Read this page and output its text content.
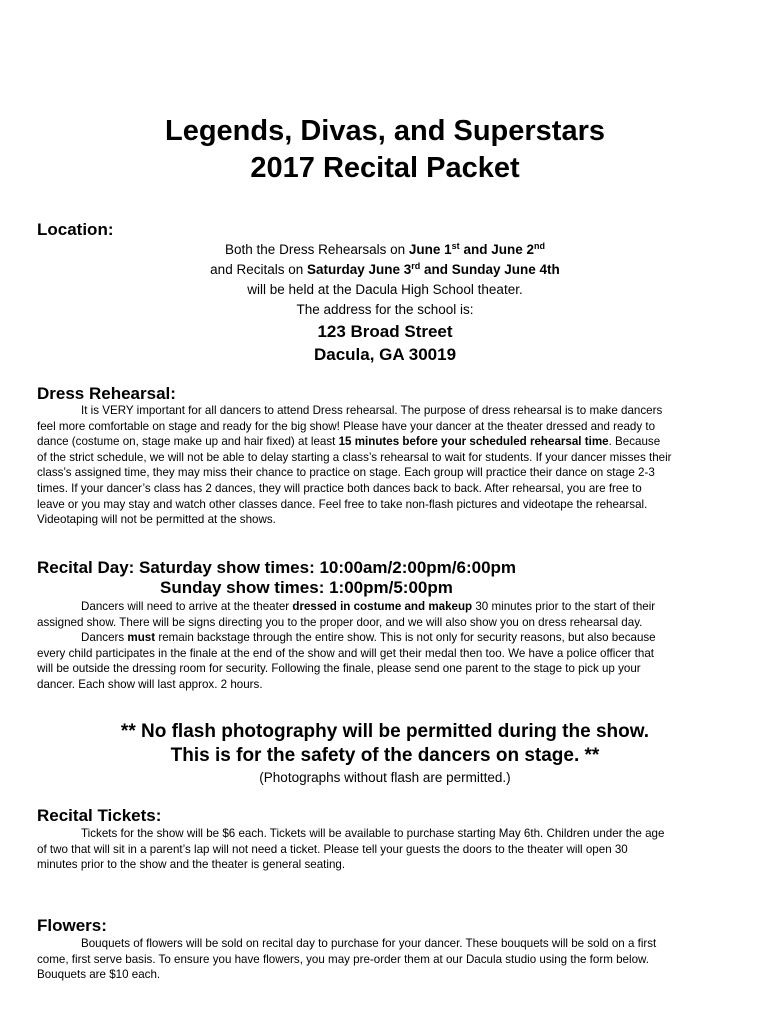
Legends, Divas, and Superstars
2017 Recital Packet
Location:
Both the Dress Rehearsals on June 1st and June 2nd
and Recitals on Saturday June 3rd and Sunday June 4th
will be held at the Dacula High School theater.
The address for the school is:
123 Broad Street
Dacula, GA 30019
Dress Rehearsal:
It is VERY important for all dancers to attend Dress rehearsal. The purpose of dress rehearsal is to make dancers
feel more comfortable on stage and ready for the big show! Please have your dancer at the theater dressed and ready to
dance (costume on, stage make up and hair fixed) at least 15 minutes before your scheduled rehearsal time. Because
of the strict schedule, we will not be able to delay starting a class’s rehearsal to wait for students. If your dancer misses their
class’s assigned time, they may miss their chance to practice on stage. Each group will practice their dance on stage 2-3
times. If your dancer’s class has 2 dances, they will practice both dances back to back. After rehearsal, you are free to
leave or you may stay and watch other classes dance. Feel free to take non-flash pictures and videotape the rehearsal.
Videotaping will not be permitted at the shows.
Recital Day: Saturday show times: 10:00am/2:00pm/6:00pm
Sunday show times: 1:00pm/5:00pm
Dancers will need to arrive at the theater dressed in costume and makeup 30 minutes prior to the start of their
assigned show. There will be signs directing you to the proper door, and we will also show you on dress rehearsal day.
Dancers must remain backstage through the entire show. This is not only for security reasons, but also because
every child participates in the finale at the end of the show and will get their medal then too. We have a police officer that
will be outside the dressing room for security. Following the finale, please send one parent to the stage to pick up your
dancer. Each show will last approx. 2 hours.
** No flash photography will be permitted during the show.
This is for the safety of the dancers on stage. **
(Photographs without flash are permitted.)
Recital Tickets:
Tickets for the show will be $6 each. Tickets will be available to purchase starting May 6th. Children under the age
of two that will sit in a parent’s lap will not need a ticket. Please tell your guests the doors to the theater will open 30
minutes prior to the show and the theater is general seating.
Flowers:
Bouquets of flowers will be sold on recital day to purchase for your dancer. These bouquets will be sold on a first
come, first serve basis. To ensure you have flowers, you may pre-order them at our Dacula studio using the form below.
Bouquets are $10 each.
